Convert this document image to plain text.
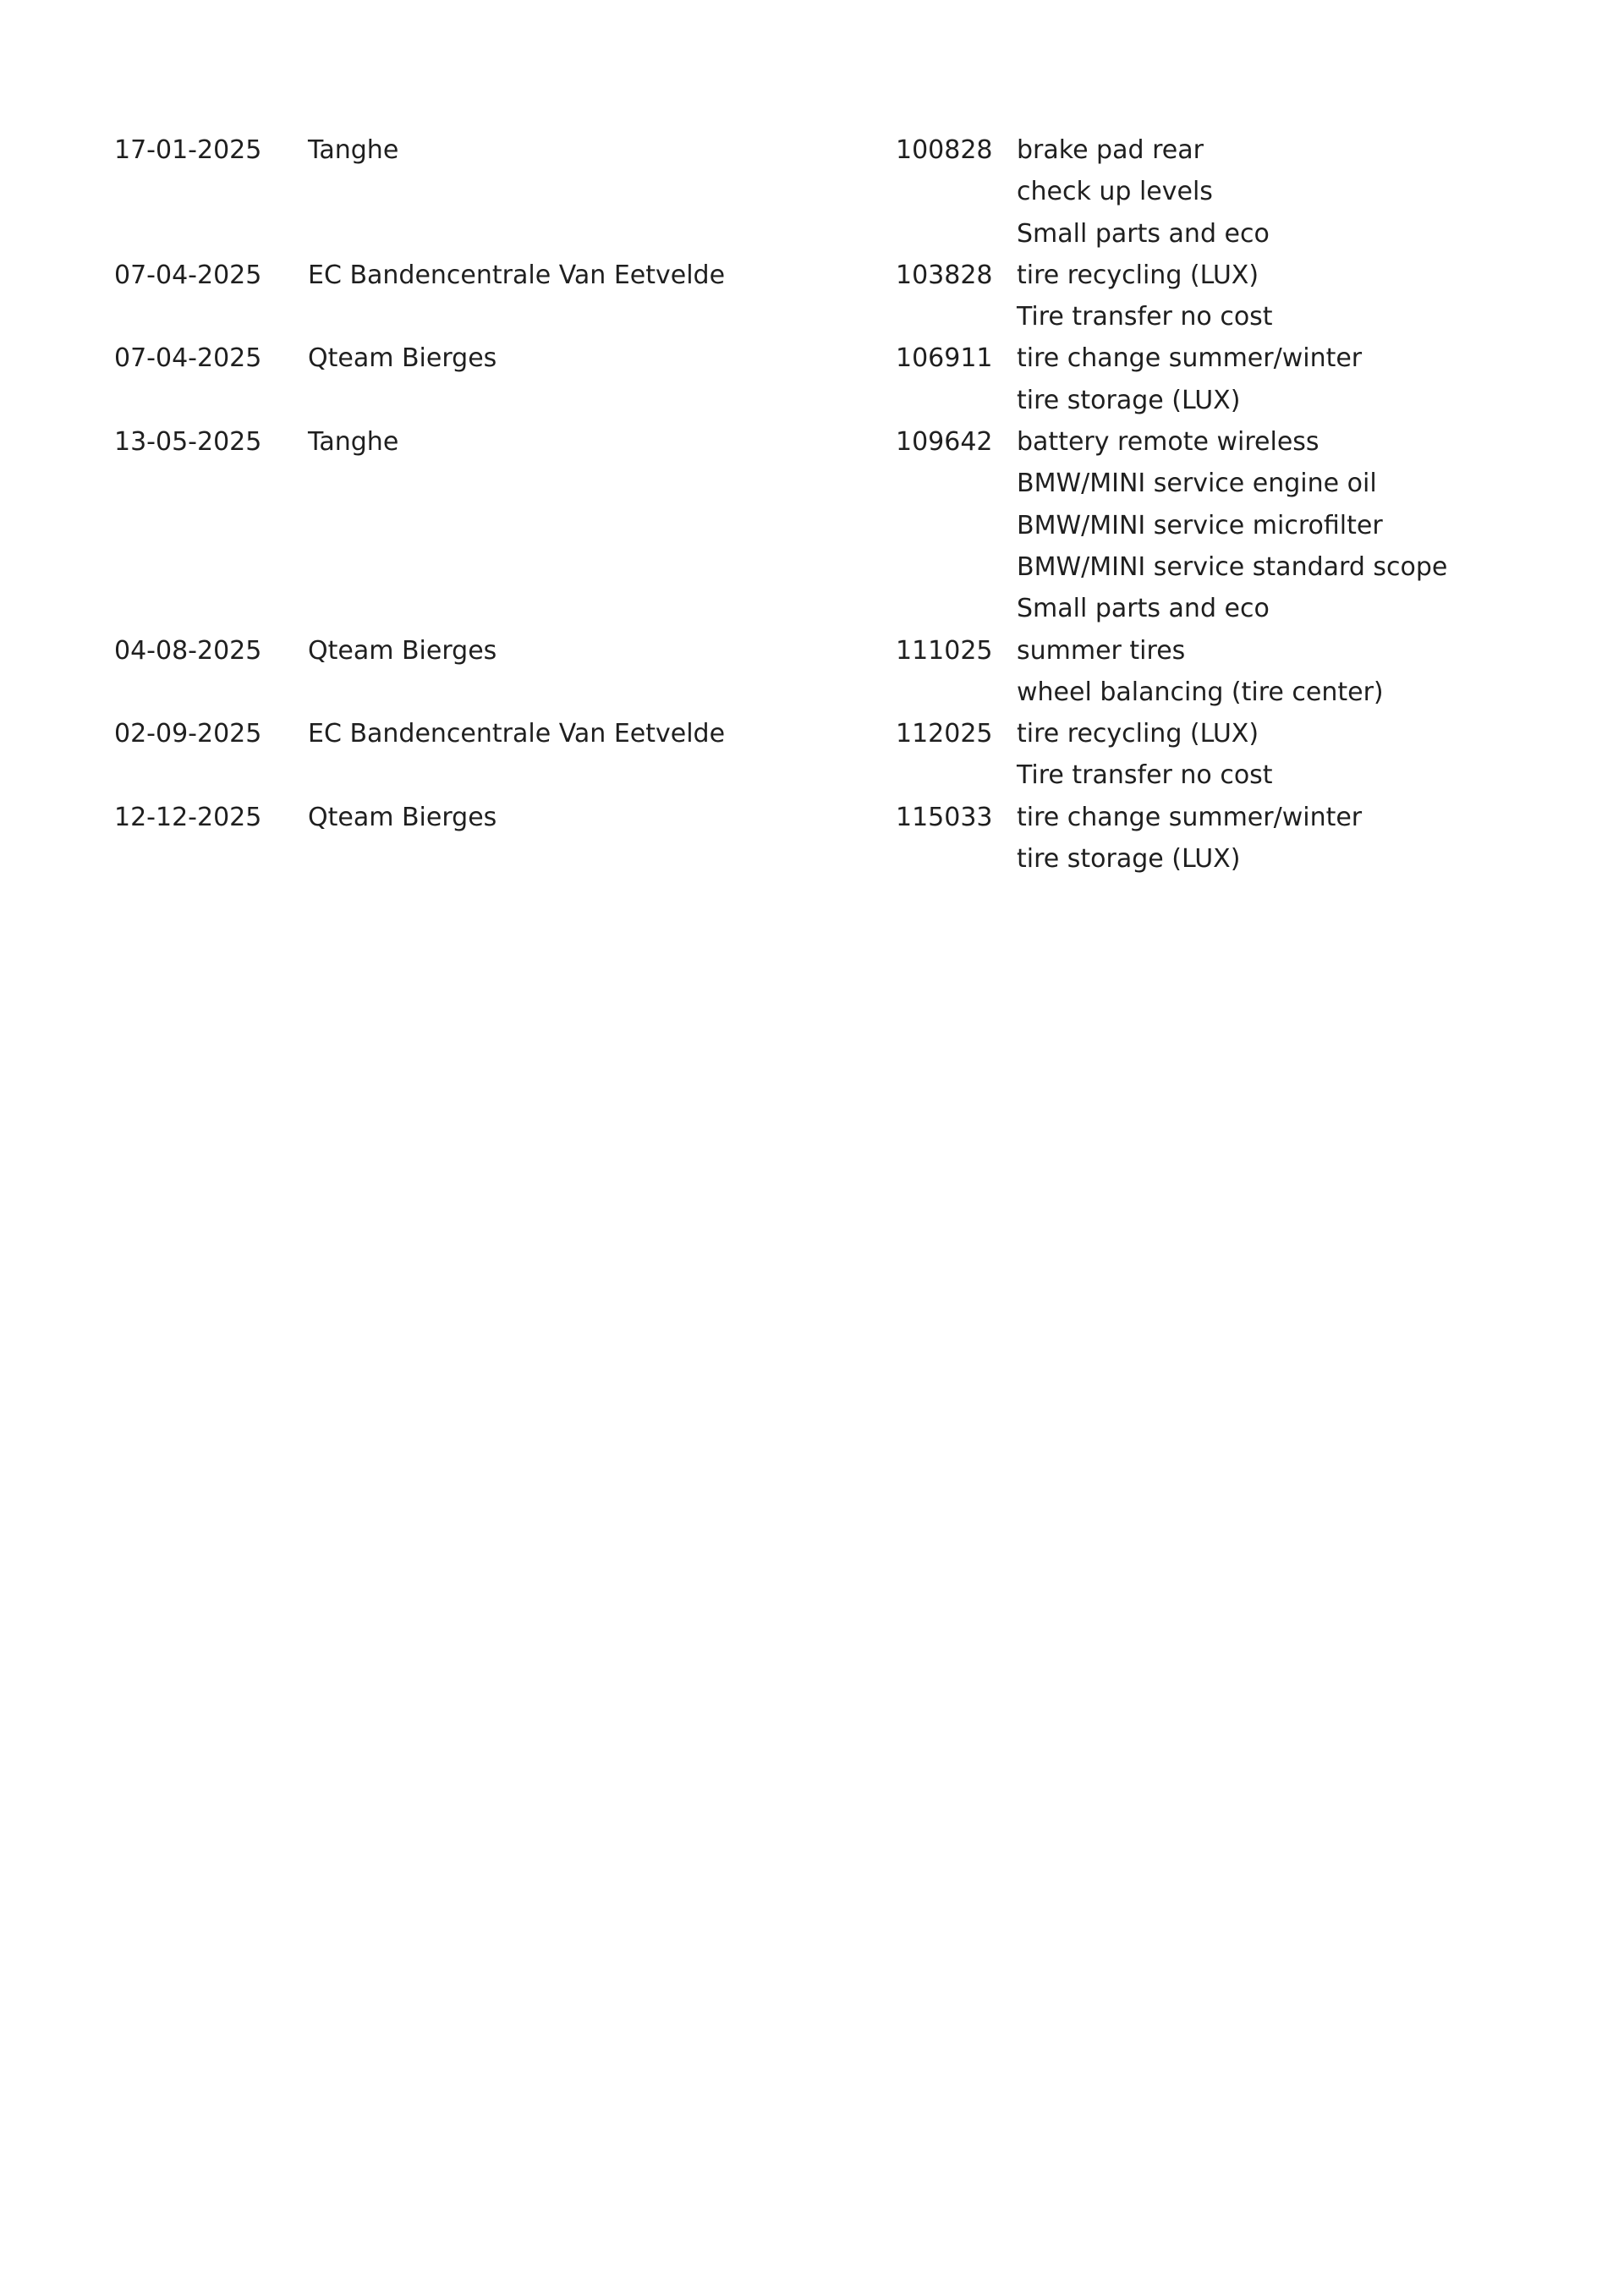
17-01-2025	Tanghe	100828 brake pad rear
check up levels
Small parts and eco
07-04-2025	EC Bandencentrale Van Eetvelde	103828 tire recycling (LUX)
Tire transfer no cost
07-04-2025	Qteam Bierges	106911 tire change summer/winter
tire storage (LUX)
13-05-2025	Tanghe	109642 battery remote wireless
BMW/MINI service engine oil
BMW/MINI service microfilter
BMW/MINI service standard scope
Small parts and eco
04-08-2025	Qteam Bierges	111025 summer tires
wheel balancing (tire center)
02-09-2025	EC Bandencentrale Van Eetvelde	112025 tire recycling (LUX)
Tire transfer no cost
12-12-2025	Qteam Bierges	115033 tire change summer/winter
tire storage (LUX)
